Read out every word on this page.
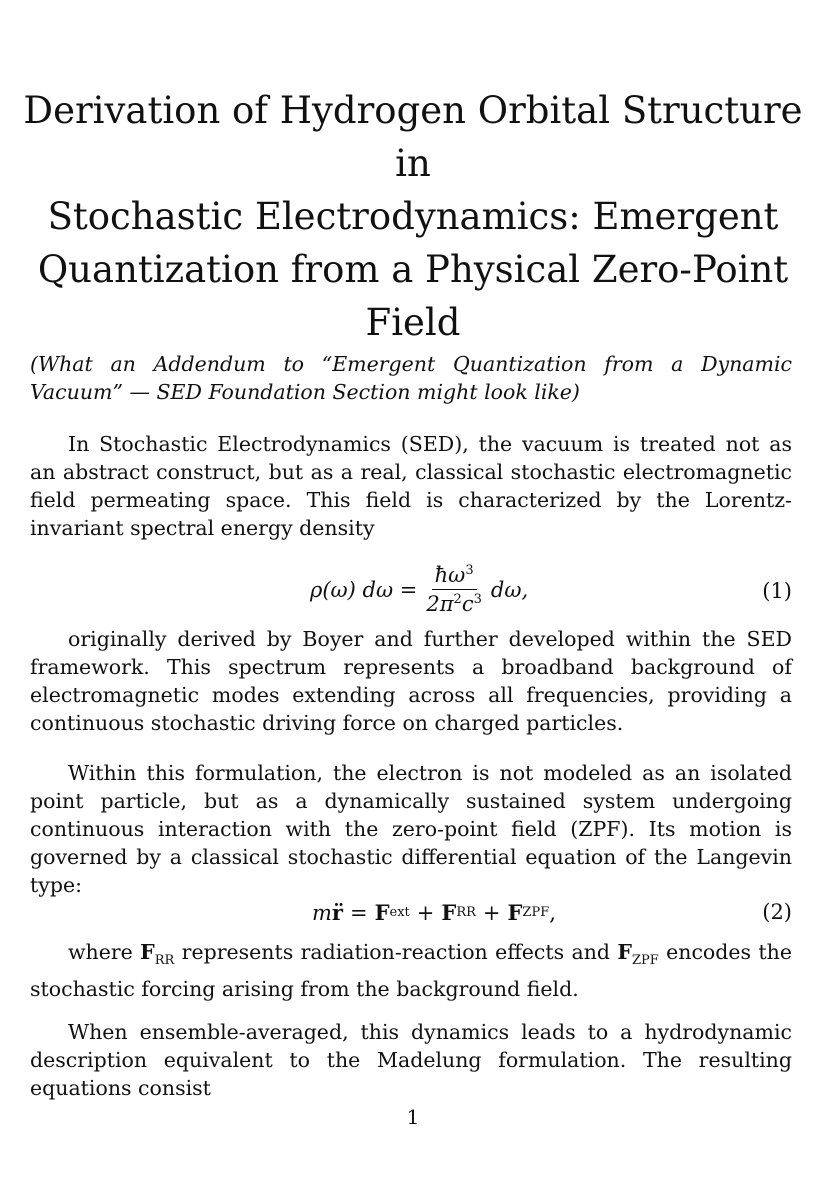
Derivation of Hydrogen Orbital Structure in
Stochastic Electrodynamics: Emergent
Quantization from a Physical Zero-Point Field
(What an Addendum to “Emergent Quantization from a Dynamic Vacuum” — SED Foundation Section might look like)

In Stochastic Electrodynamics (SED), the vacuum is treated not as an abstract construct, but as a real, classical stochastic electromagnetic field permeating space. This field is characterized by the Lorentz-invariant spectral energy density

ρ(ω) $d\omega = \frac{ħ\omega^3}{2\pi^2c^3} d\omega$,	(1)

originally derived by Boyer and further developed within the SED framework. This spectrum represents a broadband background of electromagnetic modes extending across all frequencies, providing a continuous stochastic driving force on charged particles.

Within this formulation, the electron is not modeled as an isolated point particle, but as a dynamically sustained system undergoing continuous interaction with the zero-point field (ZPF). Its motion is governed by a classical stochastic differential equation of the Langevin type:

m r̈ = F ext + F RR + F ZPF ,	(2)

where $F_{RR}$ represents radiation-reaction effects and $F_{ZPF}$ encodes the stochastic forcing arising from the background field.

When ensemble-averaged, this dynamics leads to a hydrodynamic description equivalent to the Madelung formulation. The resulting equations consist

1
